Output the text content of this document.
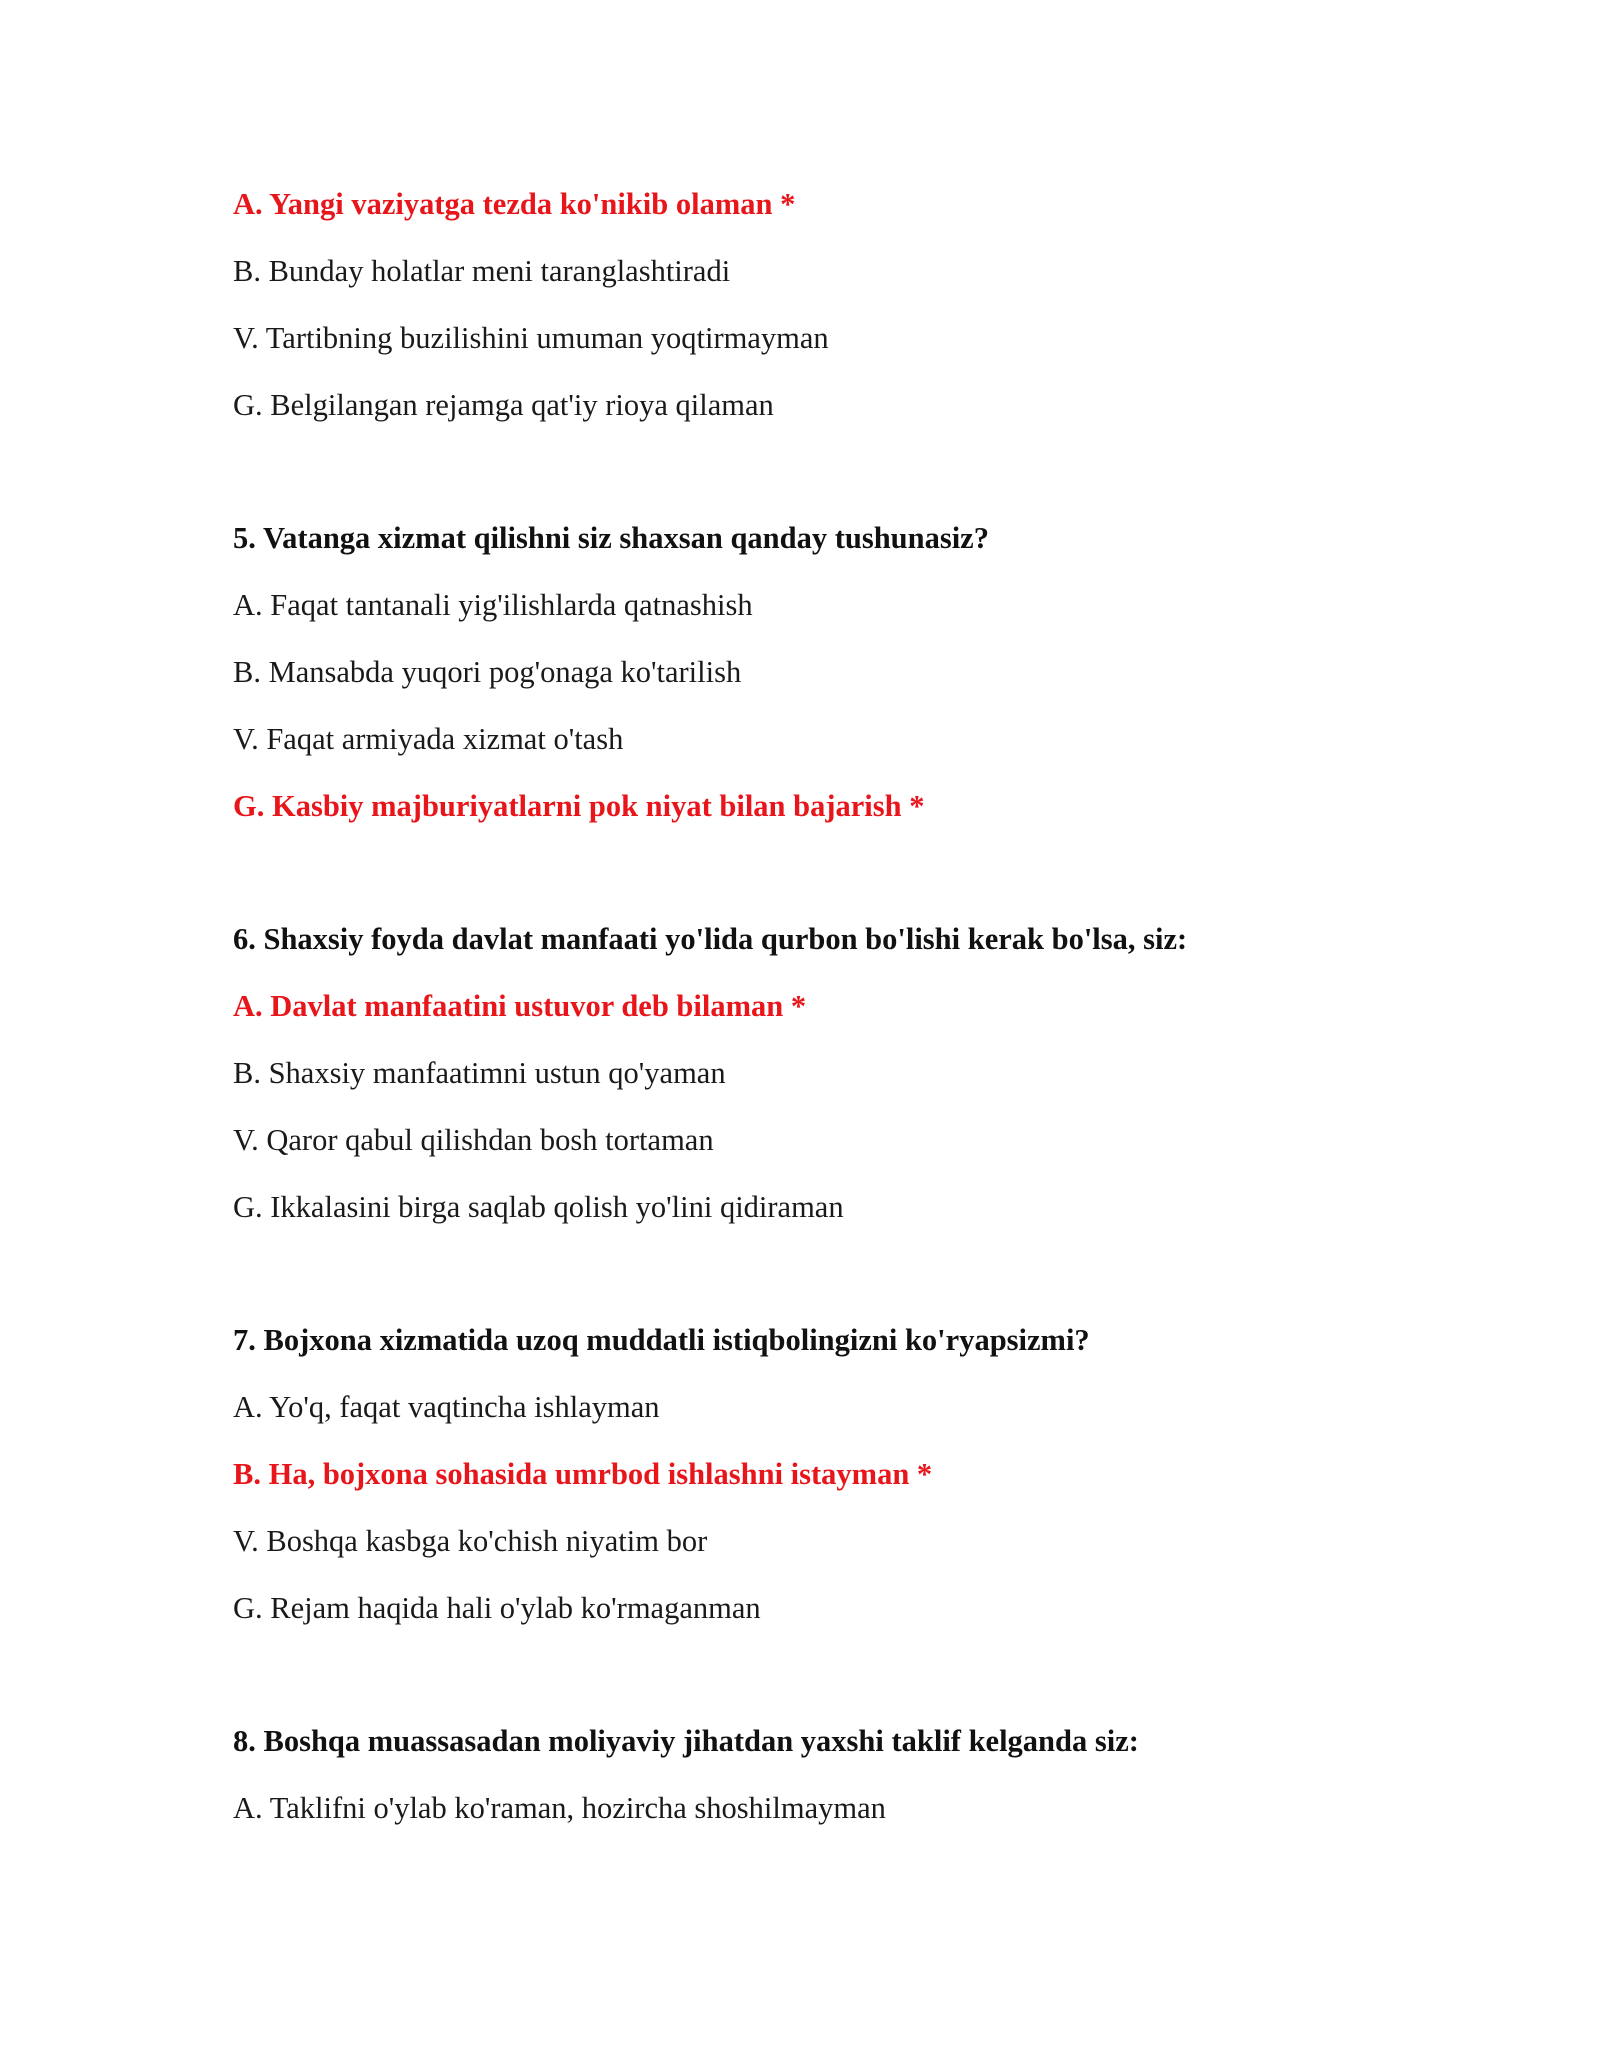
A. Yangi vaziyatga tezda ko'nikib olaman *
B. Bunday holatlar meni taranglashtiradi
V. Tartibning buzilishini umuman yoqtirmayman
G. Belgilangan rejamga qat'iy rioya qilaman
5. Vatanga xizmat qilishni siz shaxsan qanday tushunasiz?
A. Faqat tantanali yig'ilishlarda qatnashish
B. Mansabda yuqori pog'onaga ko'tarilish
V. Faqat armiyada xizmat o'tash
G. Kasbiy majburiyatlarni pok niyat bilan bajarish *
6. Shaxsiy foyda davlat manfaati yo'lida qurbon bo'lishi kerak bo'lsa, siz:
A. Davlat manfaatini ustuvor deb bilaman *
B. Shaxsiy manfaatimni ustun qo'yaman
V. Qaror qabul qilishdan bosh tortaman
G. Ikkalasini birga saqlab qolish yo'lini qidiraman
7. Bojxona xizmatida uzoq muddatli istiqbolingizni ko'ryapsizmi?
A. Yo'q, faqat vaqtincha ishlayman
B. Ha, bojxona sohasida umrbod ishlashni istayman *
V. Boshqa kasbga ko'chish niyatim bor
G. Rejam haqida hali o'ylab ko'rmaganman
8. Boshqa muassasadan moliyaviy jihatdan yaxshi taklif kelganda siz:
A. Taklifni o'ylab ko'raman, hozircha shoshilmayman
